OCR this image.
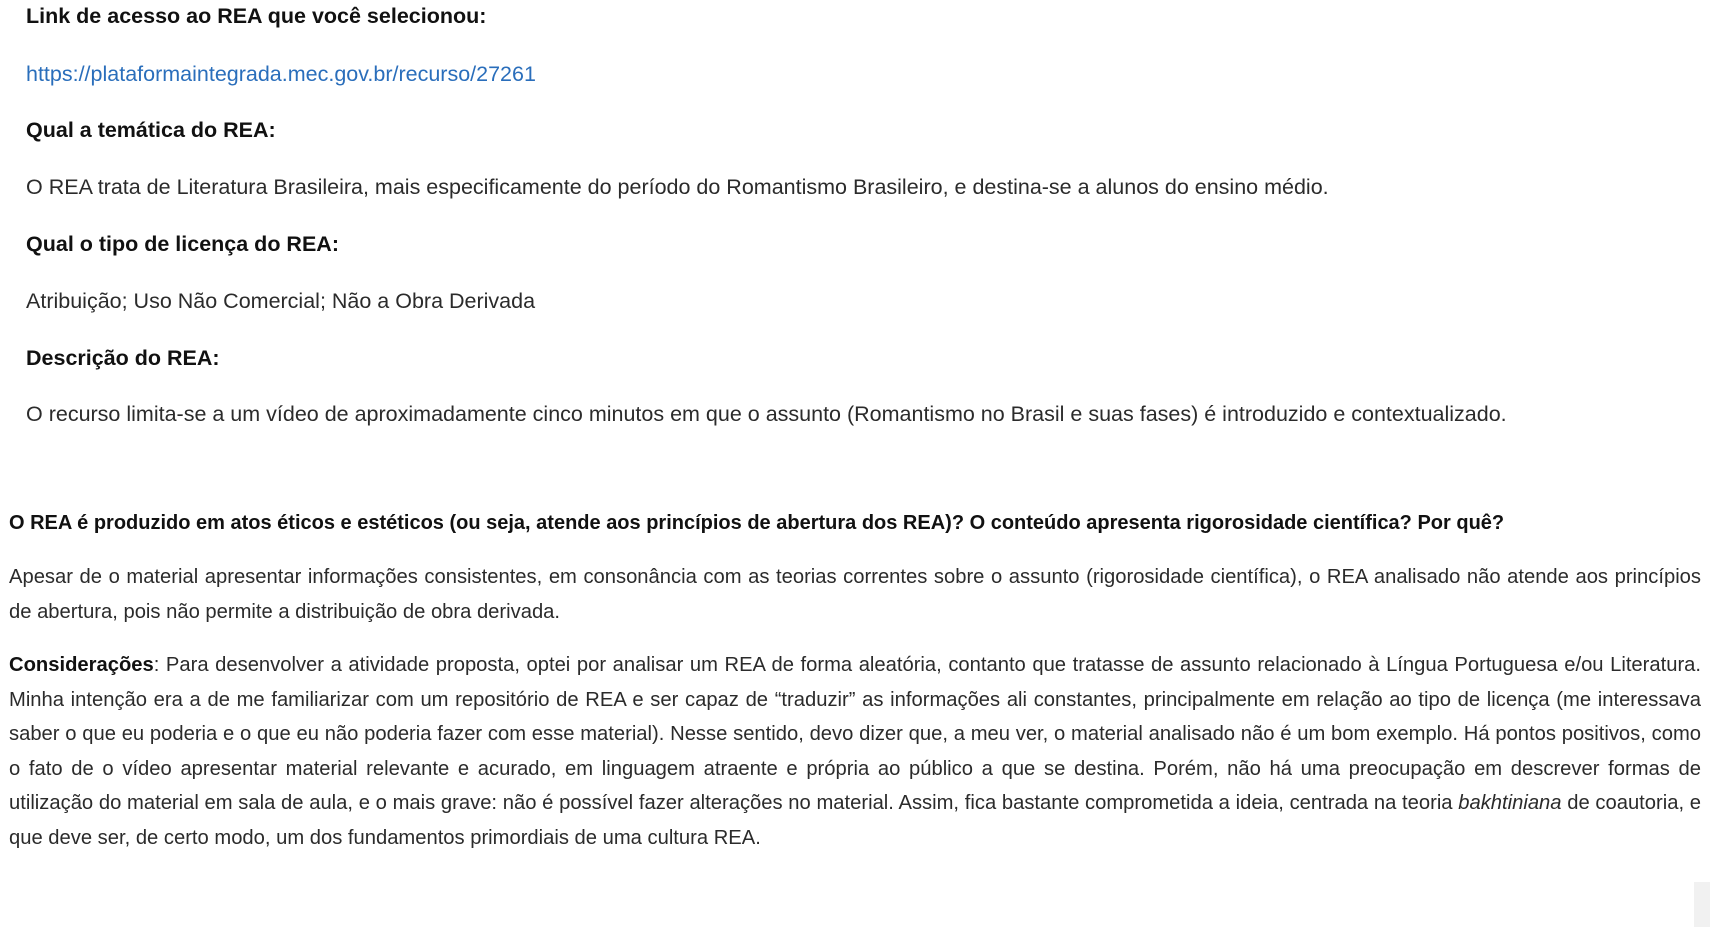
Link de acesso ao REA que você selecionou:

https://plataformaintegrada.mec.gov.br/recurso/27261

Qual a temática do REA:

O REA trata de Literatura Brasileira, mais especificamente do período do Romantismo Brasileiro, e destina-se a alunos do ensino médio.

Qual o tipo de licença do REA:

Atribuição; Uso Não Comercial; Não a Obra Derivada

Descrição do REA:

O recurso limita-se a um vídeo de aproximadamente cinco minutos em que o assunto (Romantismo no Brasil e suas fases) é introduzido e contextualizado.

O REA é produzido em atos éticos e estéticos (ou seja, atende aos princípios de abertura dos REA)? O conteúdo apresenta rigorosidade científica? Por quê?

Apesar de o material apresentar informações consistentes, em consonância com as teorias correntes sobre o assunto (rigorosidade científica), o REA analisado não atende aos princípios de abertura, pois não permite a distribuição de obra derivada.

Considerações: Para desenvolver a atividade proposta, optei por analisar um REA de forma aleatória, contanto que tratasse de assunto relacionado à Língua Portuguesa e/ou Literatura. Minha intenção era a de me familiarizar com um repositório de REA e ser capaz de “traduzir” as informações ali constantes, principalmente em relação ao tipo de licença (me interessava saber o que eu poderia e o que eu não poderia fazer com esse material). Nesse sentido, devo dizer que, a meu ver, o material analisado não é um bom exemplo. Há pontos positivos, como o fato de o vídeo apresentar material relevante e acurado, em linguagem atraente e própria ao público a que se destina. Porém, não há uma preocupação em descrever formas de utilização do material em sala de aula, e o mais grave: não é possível fazer alterações no material. Assim, fica bastante comprometida a ideia, centrada na teoria bakhtiniana de coautoria, e que deve ser, de certo modo, um dos fundamentos primordiais de uma cultura REA.
